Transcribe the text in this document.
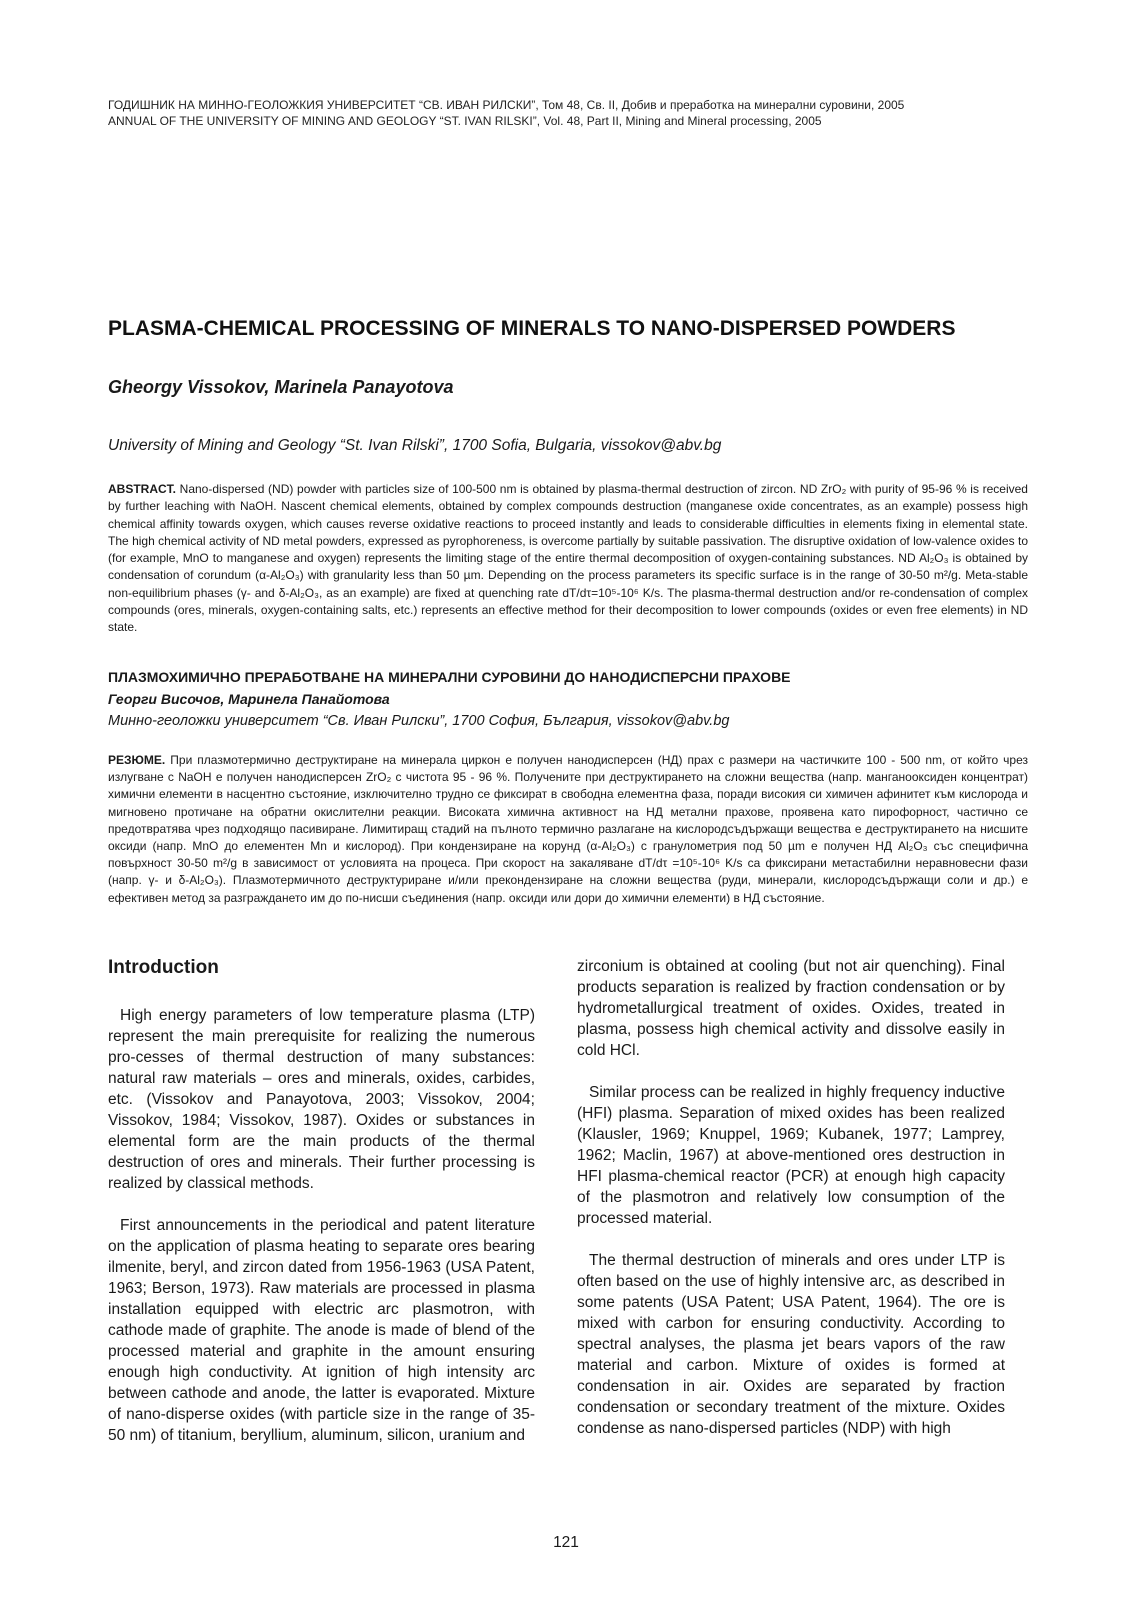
ГОДИШНИК НА МИННО-ГЕОЛОЖКИЯ УНИВЕРСИТЕТ “СВ. ИВАН РИЛСКИ”, Том 48, Св. II, Добив и преработка на минерални суровини, 2005
ANNUAL OF THE UNIVERSITY OF MINING AND GEOLOGY “ST. IVAN RILSKI”, Vol. 48, Part II, Mining and Mineral processing, 2005
PLASMA-CHEMICAL PROCESSING OF MINERALS TO NANO-DISPERSED POWDERS
Gheorgy Vissokov, Marinela Panayotova
University of Mining and Geology “St. Ivan Rilski”, 1700 Sofia, Bulgaria, vissokov@abv.bg

ABSTRACT. Nano-dispersed (ND) powder with particles size of 100-500 nm is obtained by plasma-thermal destruction of zircon. ND ZrO₂ with purity of 95-96 % is received by further leaching with NaOH. Nascent chemical elements, obtained by complex compounds destruction (manganese oxide concentrates, as an example) possess high chemical affinity towards oxygen, which causes reverse oxidative reactions to proceed instantly and leads to considerable difficulties in elements fixing in elemental state. The high chemical activity of ND metal powders, expressed as pyrophoreness, is overcome partially by suitable passivation. The disruptive oxidation of low-valence oxides to (for example, MnO to manganese and oxygen) represents the limiting stage of the entire thermal decomposition of oxygen-containing substances. ND Al₂O₃ is obtained by condensation of corundum (α-Al₂O₃) with granularity less than 50 µm. Depending on the process parameters its specific surface is in the range of 30-50 m²/g. Meta-stable non-equilibrium phases (γ- and δ-Al₂O₃, as an example) are fixed at quenching rate dT/dτ=10⁵-10⁶ K/s. The plasma-thermal destruction and/or re-condensation of complex compounds (ores, minerals, oxygen-containing salts, etc.) represents an effective method for their decomposition to lower compounds (oxides or even free elements) in ND state.

ПЛАЗМОХИМИЧНО ПРЕРАБОТВАНЕ НА МИНЕРАЛНИ СУРОВИНИ ДО НАНОДИСПЕРСНИ ПРАХОВЕ
Георги Височов, Маринела Панайотова
Минно-геоложки университет “Св. Иван Рилски”, 1700 София, България, vissokov@abv.bg

РЕЗЮМЕ. При плазмотермично деструктиране на минерала циркон е получен нанодисперсен (НД) прах с размери на частичките 100 - 500 nm, от който чрез излугване с NaOH е получен нанодисперсен ZrO₂ с чистота 95 - 96 %. Получените при деструктирането на сложни вещества (напр. манганооксиден концентрат) химични елементи в насцентно състояние, изключително трудно се фиксират в свободна елементна фаза, поради високия си химичен афинитет към кислорода и мигновено протичане на обратни окислителни реакции. Високата химична активност на НД метални прахове, проявена като пирофорност, частично се предотвратява чрез подходящо пасивиране. Лимитиращ стадий на пълното термично разлагане на кислородсъдържащи вещества е деструктирането на нисшите оксиди (напр. MnO до елементен Mn и кислород). При кондензиране на корунд (α-Al₂O₃) с гранулометрия под 50 µm е получен НД Al₂O₃ със специфична повърхност 30-50 m²/g в зависимост от условията на процеса. При скорост на закаляване dT/dτ =10⁵-10⁶ K/s са фиксирани метастабилни неравновесни фази (напр. γ- и δ-Al₂O₃). Плазмотермичното деструктуриране и/или прекондензиране на сложни вещества (руди, минерали, кислородсъдържащи соли и др.) е ефективен метод за разграждането им до по-нисши съединения (напр. оксиди или дори до химични елементи) в НД състояние.

Introduction

High energy parameters of low temperature plasma (LTP) represent the main prerequisite for realizing the numerous pro-cesses of thermal destruction of many substances: natural raw materials – ores and minerals, oxides, carbides, etc. (Vissokov and Panayotova, 2003; Vissokov, 2004; Vissokov, 1984; Vissokov, 1987). Oxides or substances in elemental form are the main products of the thermal destruction of ores and minerals. Their further processing is realized by classical methods.

First announcements in the periodical and patent literature on the application of plasma heating to separate ores bearing ilmenite, beryl, and zircon dated from 1956-1963 (USA Patent, 1963; Berson, 1973). Raw materials are processed in plasma installation equipped with electric arc plasmotron, with cathode made of graphite. The anode is made of blend of the processed material and graphite in the amount ensuring enough high conductivity. At ignition of high intensity arc between cathode and anode, the latter is evaporated. Mixture of nano-disperse oxides (with particle size in the range of 35-50 nm) of titanium, beryllium, aluminum, silicon, uranium and

zirconium is obtained at cooling (but not air quenching). Final products separation is realized by fraction condensation or by hydrometallurgical treatment of oxides. Oxides, treated in plasma, possess high chemical activity and dissolve easily in cold HCl.

Similar process can be realized in highly frequency inductive (HFI) plasma. Separation of mixed oxides has been realized (Klausler, 1969; Knuppel, 1969; Kubanek, 1977; Lamprey, 1962; Maclin, 1967) at above-mentioned ores destruction in HFI plasma-chemical reactor (PCR) at enough high capacity of the plasmotron and relatively low consumption of the processed material.

The thermal destruction of minerals and ores under LTP is often based on the use of highly intensive arc, as described in some patents (USA Patent; USA Patent, 1964). The ore is mixed with carbon for ensuring conductivity. According to spectral analyses, the plasma jet bears vapors of the raw material and carbon. Mixture of oxides is formed at condensation in air. Oxides are separated by fraction condensation or secondary treatment of the mixture. Oxides condense as nano-dispersed particles (NDP) with high

121
